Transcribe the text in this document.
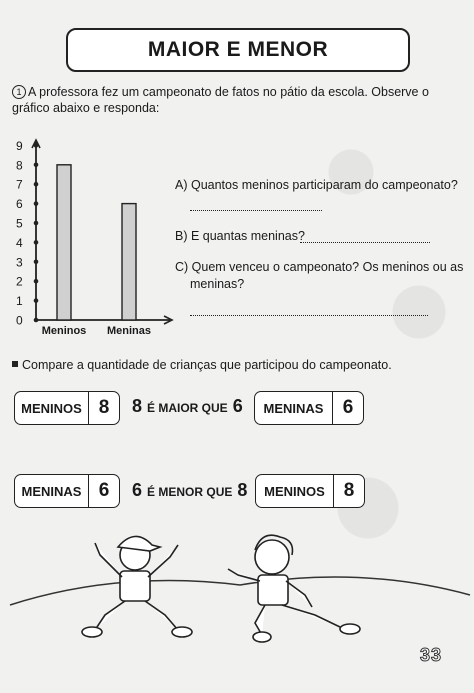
MAIOR E MENOR
1 A professora fez um campeonato de fatos no pátio da escola. Observe o gráfico abaixo e responda:
0
1
2
3
4
5
6
7
8
9
Meninos Meninas
A) Quantos meninos participaram do campeonato?
B) E quantas meninas?
C) Quem venceu o campeonato? Os meninos ou as
meninas?
Compare a quantidade de crianças que participou do campeonato.
MENINOS 8	8 É MAIOR QUE 6	MENINAS	6
MENINAS 6	6 É MENOR QUE 8	MENINOS 8
33
